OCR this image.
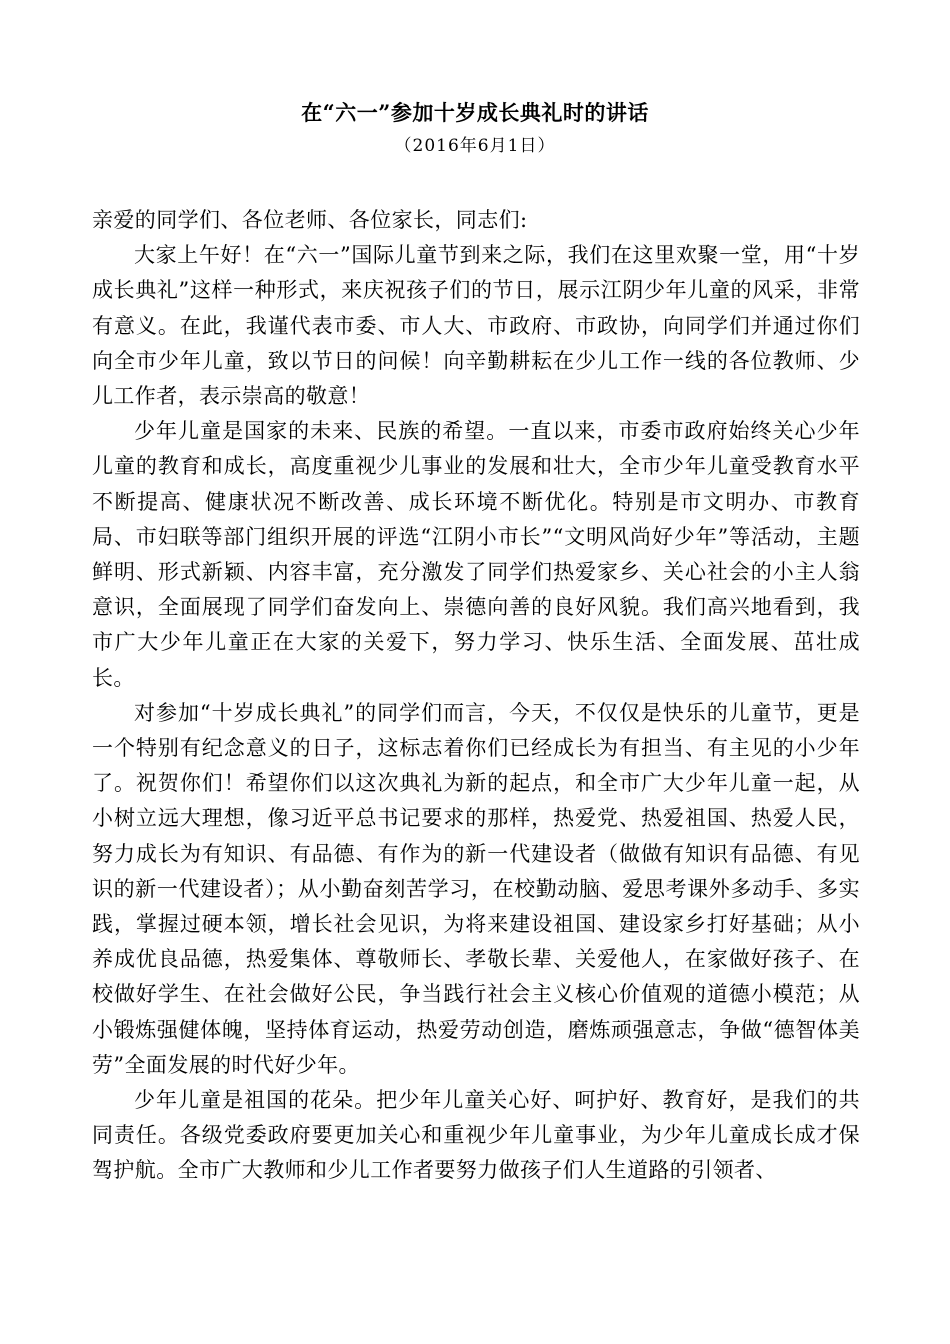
在“六一”参加十岁成长典礼时的讲话
（2016年6月1日）

亲爱的同学们、各位老师、各位家长，同志们:

大家上午好！在“六一”国际儿童节到来之际，我们在这里欢聚一堂，用“十岁成长典礼”这样一种形式，来庆祝孩子们的节日，展示江阴少年儿童的风采，非常有意义。在此，我谨代表市委、市人大、市政府、市政协，向同学们并通过你们向全市少年儿童，致以节日的问候！向辛勤耕耘在少儿工作一线的各位教师、少儿工作者，表示崇高的敬意！

少年儿童是国家的未来、民族的希望。一直以来，市委市政府始终关心少年儿童的教育和成长，高度重视少儿事业的发展和壮大，全市少年儿童受教育水平不断提高、健康状况不断改善、成长环境不断优化。特别是市文明办、市教育局、市妇联等部门组织开展的评选“江阴小市长”“文明风尚好少年”等活动，主题鲜明、形式新颖、内容丰富，充分激发了同学们热爱家乡、关心社会的小主人翁意识，全面展现了同学们奋发向上、崇德向善的良好风貌。我们高兴地看到，我市广大少年儿童正在大家的关爱下，努力学习、快乐生活、全面发展、茁壮成长。

对参加“十岁成长典礼”的同学们而言，今天，不仅仅是快乐的儿童节，更是一个特别有纪念意义的日子，这标志着你们已经成长为有担当、有主见的小少年了。祝贺你们！希望你们以这次典礼为新的起点，和全市广大少年儿童一起，从小树立远大理想，像习近平总书记要求的那样，热爱党、热爱祖国、热爱人民，努力成长为有知识、有品德、有作为的新一代建设者（做做有知识有品德、有见识的新一代建设者）；从小勤奋刻苦学习，在校勤动脑、爱思考课外多动手、多实践，掌握过硬本领，增长社会见识，为将来建设祖国、建设家乡打好基础；从小养成优良品德，热爱集体、尊敬师长、孝敬长辈、关爱他人，在家做好孩子、在校做好学生、在社会做好公民，争当践行社会主义核心价值观的道德小模范；从小锻炼强健体魄，坚持体育运动，热爱劳动创造，磨炼顽强意志，争做“德智体美劳”全面发展的时代好少年。

少年儿童是祖国的花朵。把少年儿童关心好、呵护好、教育好，是我们的共同责任。各级党委政府要更加关心和重视少年儿童事业，为少年儿童成长成才保驾护航。全市广大教师和少儿工作者要努力做孩子们人生道路的引领者、
